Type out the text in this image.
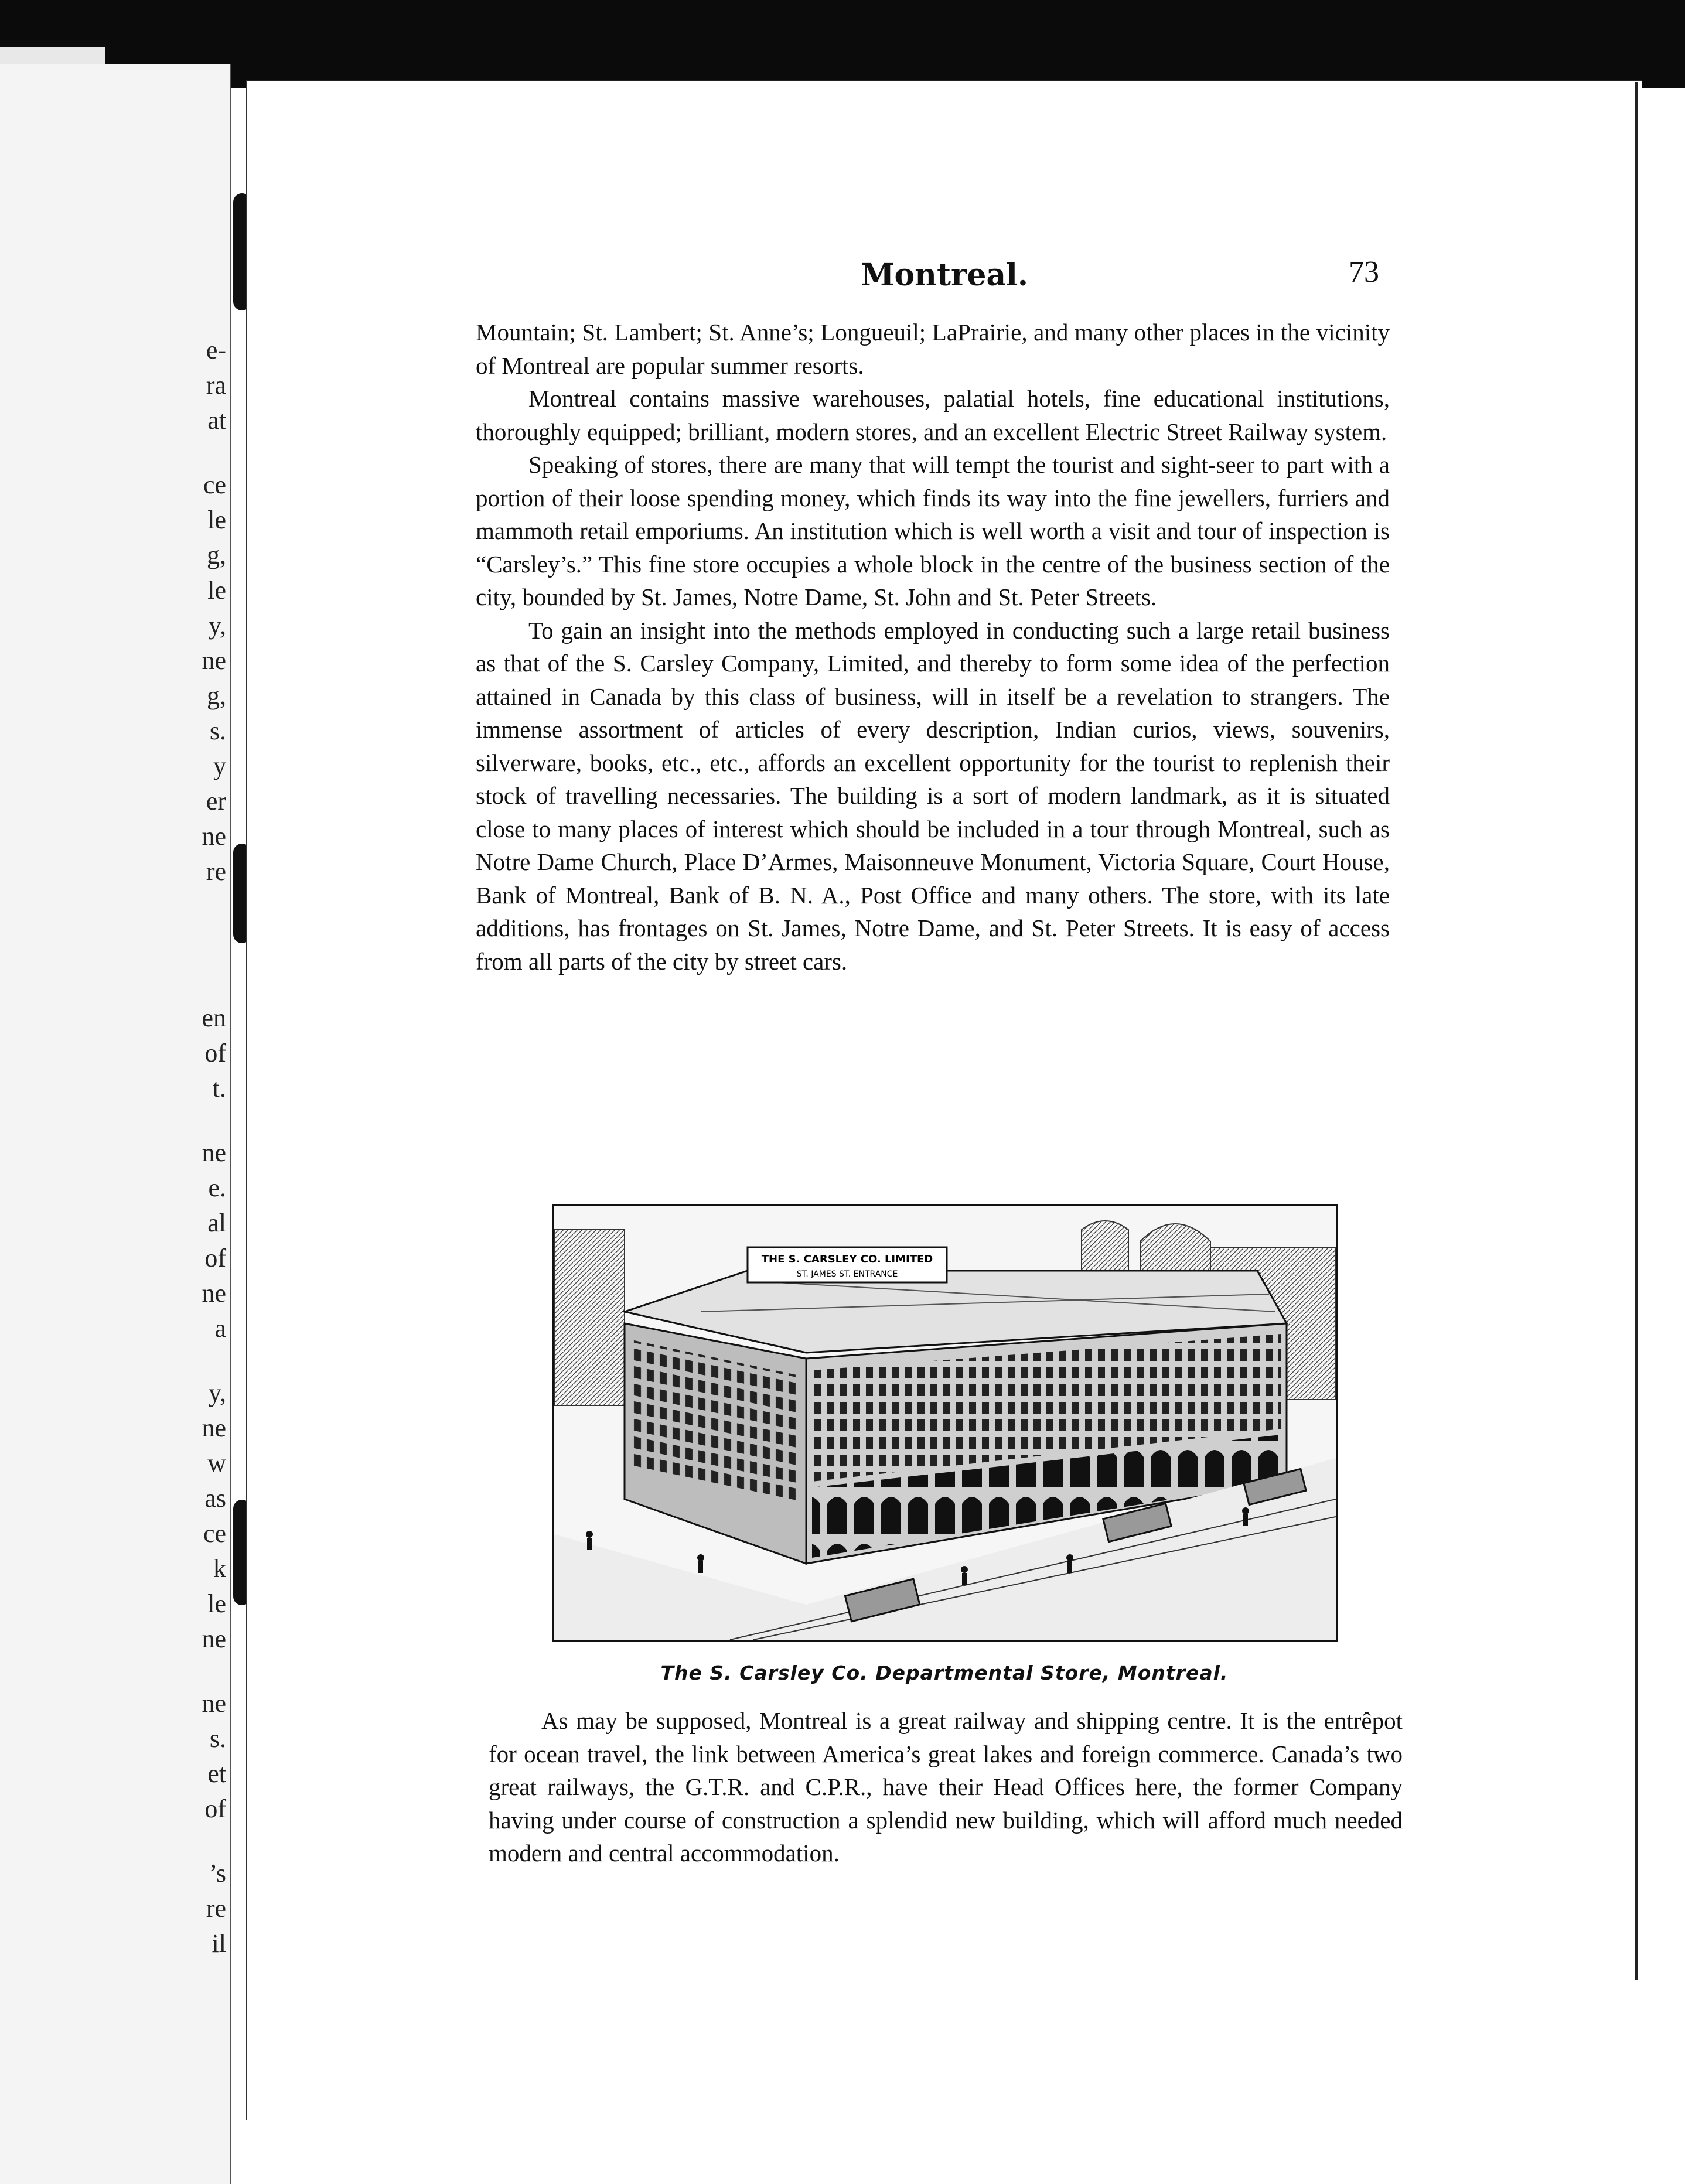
e-
ra
at
ce
le
g,
le
y,
ne
g,
s.
y
er
ne
re
en
of
t.
ne
e.
al
of
ne
a
y,
ne
w
as
ce
k
le
ne
ne
s.
et
of
’s
re
il
Montreal.	73

Mountain; St. Lambert; St. Anne’s; Longueuil; LaPrairie, and many other places in the vicinity of Montreal are popular summer resorts.

Montreal contains massive warehouses, palatial hotels, fine educational institutions, thoroughly equipped; brilliant, modern stores, and an excellent Electric Street Railway system.

Speaking of stores, there are many that will tempt the tourist and sight-seer to part with a portion of their loose spending money, which finds its way into the fine jewellers, furriers and mammoth retail emporiums. An institution which is well worth a visit and tour of inspection is “Carsley’s.” This fine store occupies a whole block in the centre of the business section of the city, bounded by St. James, Notre Dame, St. John and St. Peter Streets.

To gain an insight into the methods employed in conducting such a large retail business as that of the S. Carsley Company, Limited, and thereby to form some idea of the perfection attained in Canada by this class of business, will in itself be a revelation to strangers. The immense assortment of articles of every description, Indian curios, views, souvenirs, silverware, books, etc., etc., affords an excellent opportunity for the tourist to replenish their stock of travelling necessaries. The building is a sort of modern landmark, as it is situated close to many places of interest which should be included in a tour through Montreal, such as Notre Dame Church, Place D’Armes, Maisonneuve Monument, Victoria Square, Court House, Bank of Montreal, Bank of B. N. A., Post Office and many others. The store, with its late additions, has frontages on St. James, Notre Dame, and St. Peter Streets. It is easy of access from all parts of the city by street cars.

THE S. CARSLEY CO. LIMITED
ST. JAMES ST. ENTRANCE
The S. Carsley Co. Departmental Store, Montreal.

As may be supposed, Montreal is a great railway and shipping centre. It is the entrêpot for ocean travel, the link between America’s great lakes and foreign commerce. Canada’s two great railways, the G.T.R. and C.P.R., have their Head Offices here, the former Company having under course of construction a splendid new building, which will afford much needed modern and central accommodation.
